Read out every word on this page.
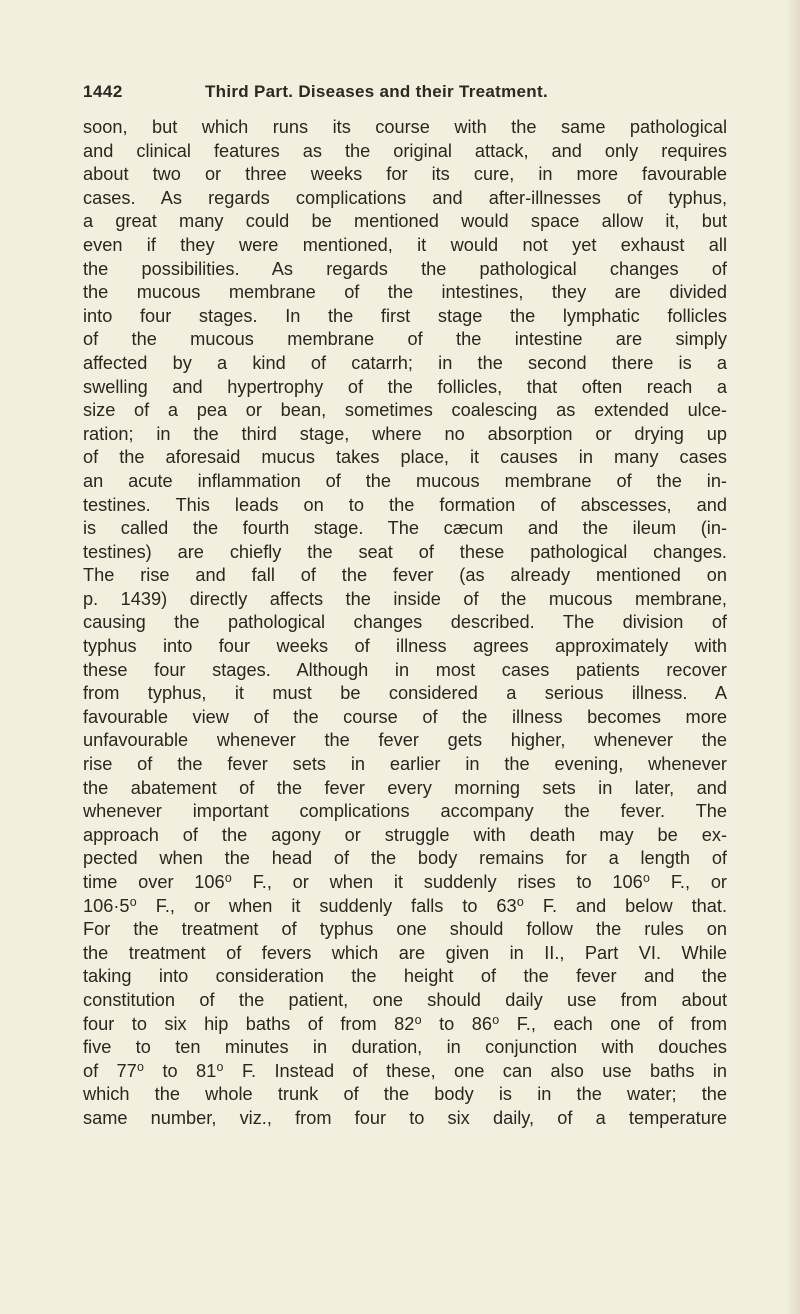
1442	Third Part. Diseases and their Treatment.
soon, but which runs its course with the same pathological
and clinical features as the original attack, and only requires
about two or three weeks for its cure, in more favourable
cases. As regards complications and after-illnesses of typhus,
a great many could be mentioned would space allow it, but
even if they were mentioned, it would not yet exhaust all
the possibilities. As regards the pathological changes of
the mucous membrane of the intestines, they are divided
into four stages. In the first stage the lymphatic follicles
of the mucous membrane of the intestine are simply
affected by a kind of catarrh; in the second there is a
swelling and hypertrophy of the follicles, that often reach a
size of a pea or bean, sometimes coalescing as extended ulce-
ration; in the third stage, where no absorption or drying up
of the aforesaid mucus takes place, it causes in many cases
an acute inflammation of the mucous membrane of the in-
testines. This leads on to the formation of abscesses, and
is called the fourth stage. The cæcum and the ileum (in-
testines) are chiefly the seat of these pathological changes.
The rise and fall of the fever (as already mentioned on
p. 1439) directly affects the inside of the mucous membrane,
causing the pathological changes described. The division of
typhus into four weeks of illness agrees approximately with
these four stages. Although in most cases patients recover
from typhus, it must be considered a serious illness. A
favourable view of the course of the illness becomes more
unfavourable whenever the fever gets higher, whenever the
rise of the fever sets in earlier in the evening, whenever
the abatement of the fever every morning sets in later, and
whenever important complications accompany the fever. The
approach of the agony or struggle with death may be ex-
pected when the head of the body remains for a length of
time over 106⁰ F., or when it suddenly rises to 106⁰ F., or
106·5⁰ F., or when it suddenly falls to 63⁰ F. and below that.
For the treatment of typhus one should follow the rules on
the treatment of fevers which are given in II., Part VI. While
taking into consideration the height of the fever and the
constitution of the patient, one should daily use from about
four to six hip baths of from 82⁰ to 86⁰ F., each one of from
five to ten minutes in duration, in conjunction with douches
of 77⁰ to 81⁰ F. Instead of these, one can also use baths in
which the whole trunk of the body is in the water; the
same number, viz., from four to six daily, of a temperature
